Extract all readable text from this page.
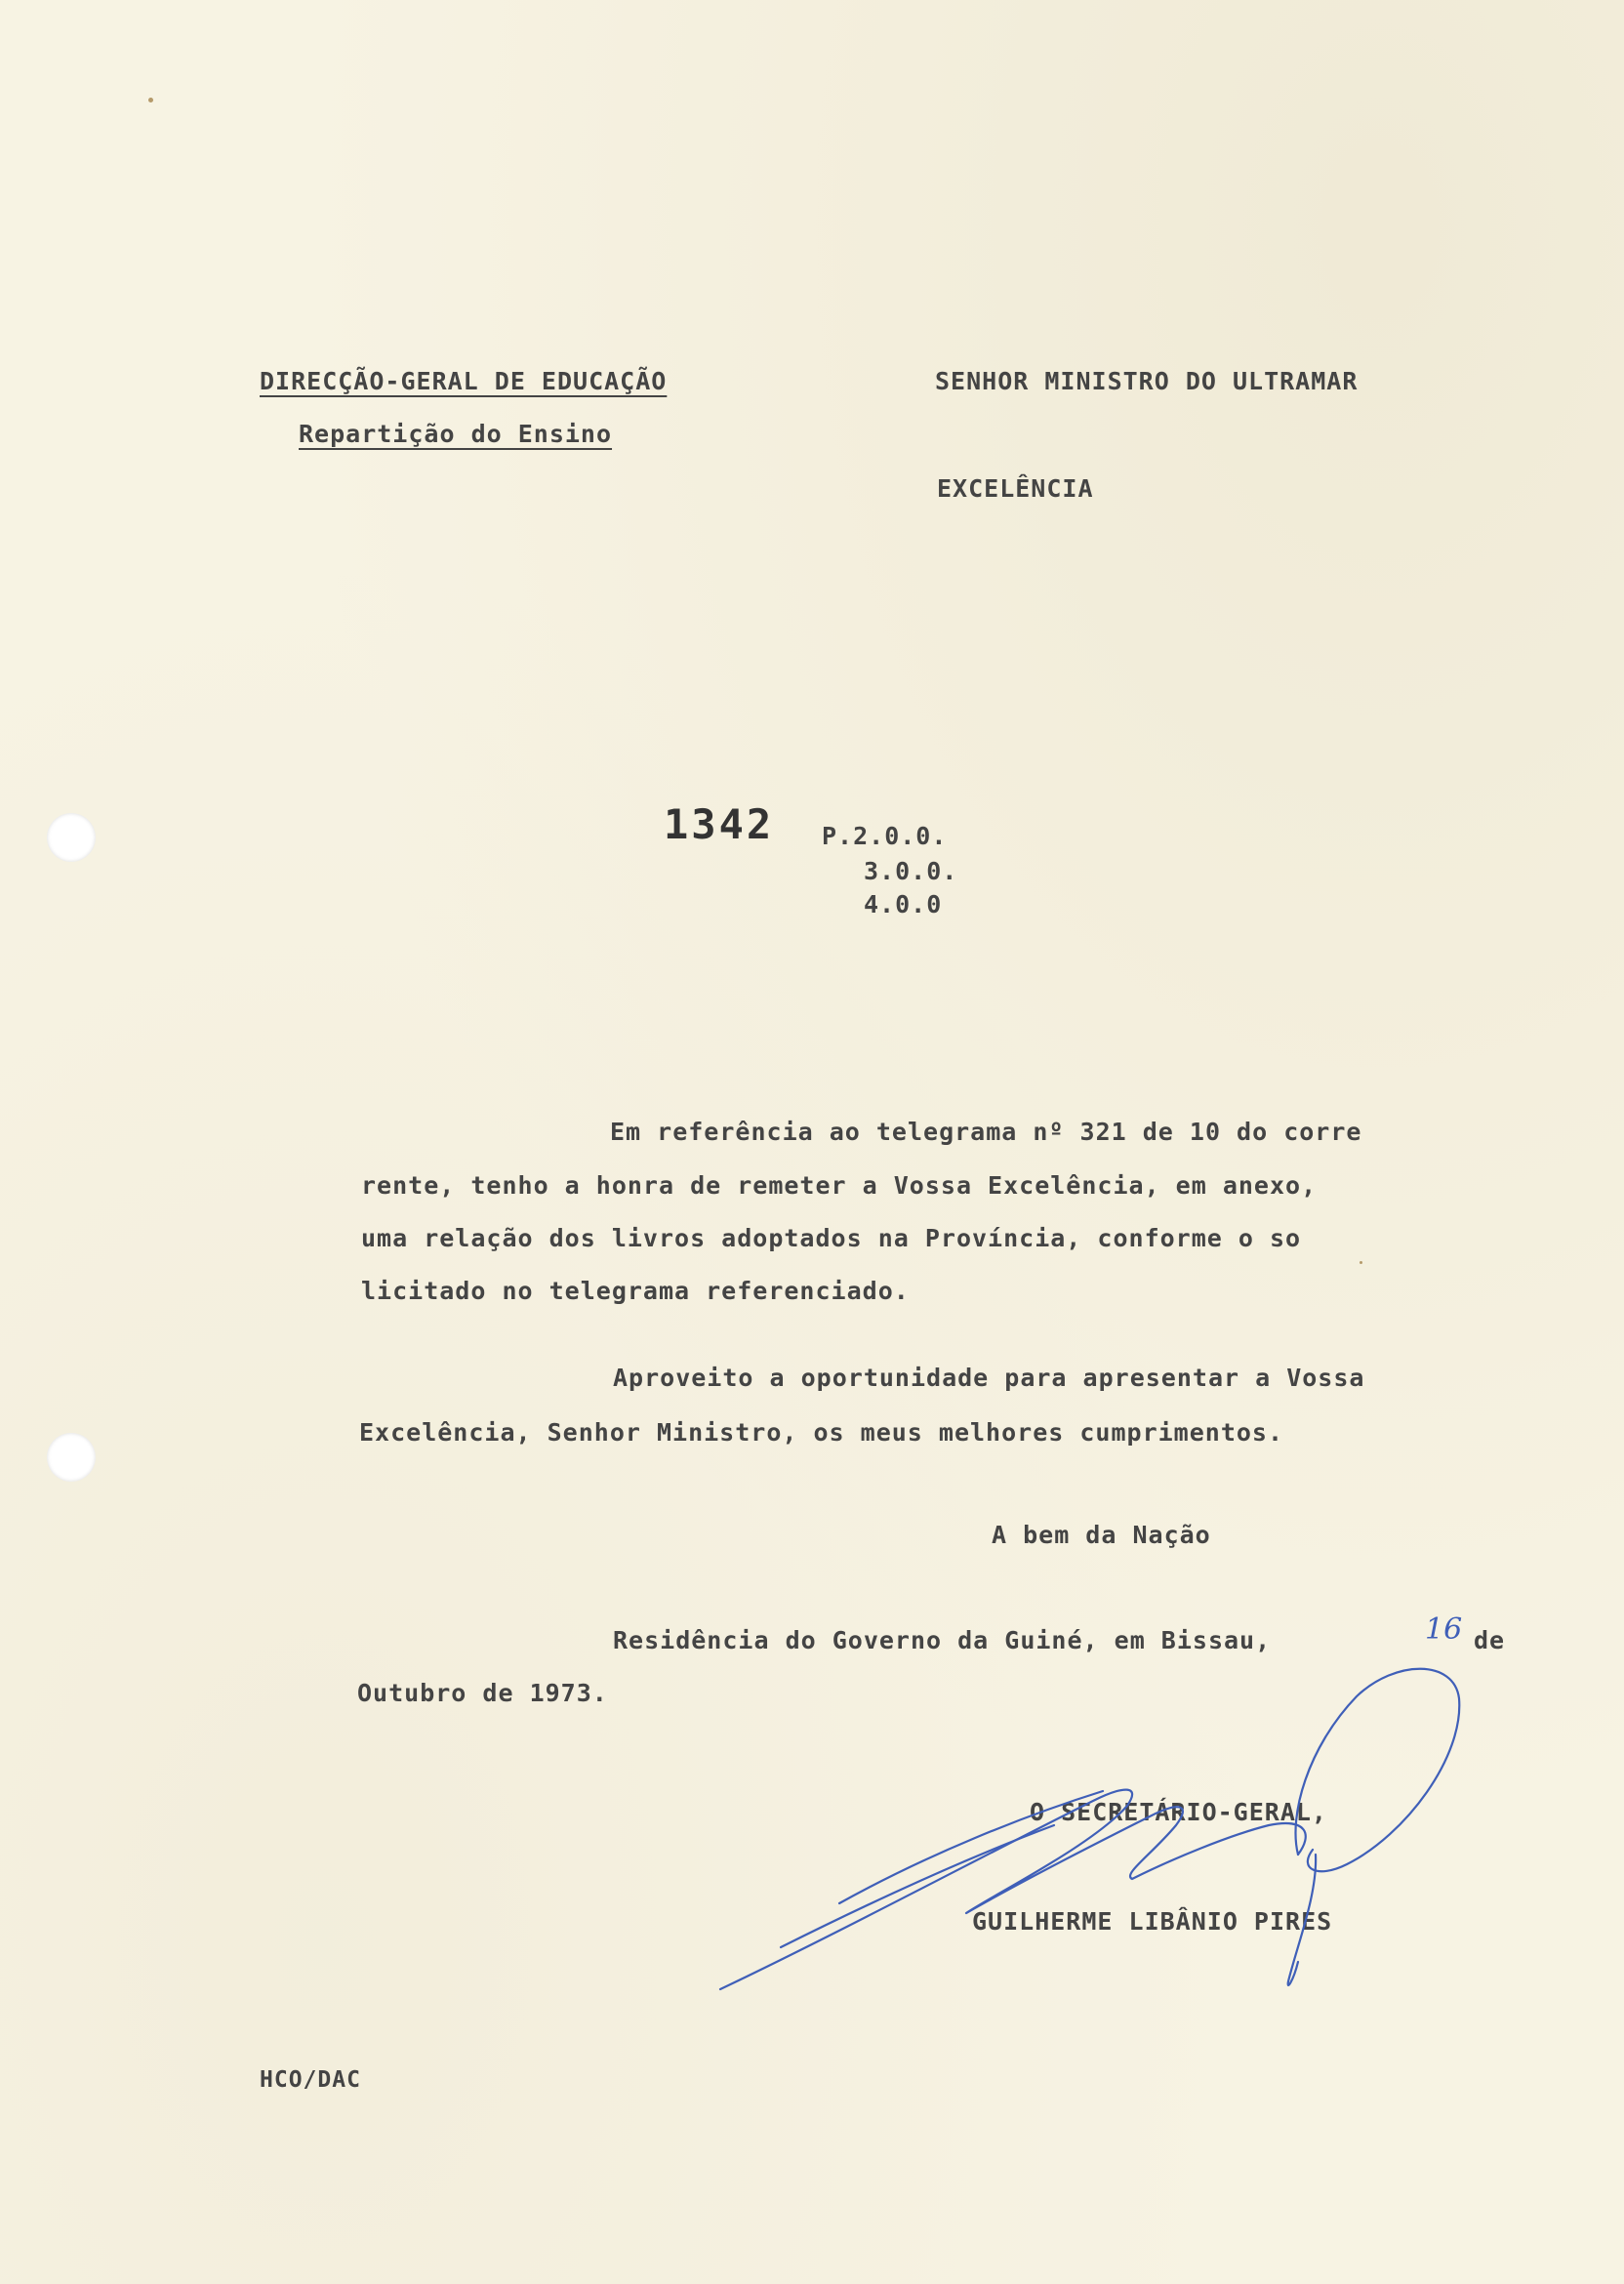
DIRECÇÃO-GERAL DE EDUCAÇÃO
Repartição do Ensino
SENHOR MINISTRO DO ULTRAMAR
EXCELÊNCIA
1342 P.2.0.0.
3.0.0.
4.0.0
Em referência ao telegrama nº 321 de 10 do corre
rente, tenho a honra de remeter a Vossa Excelência, em anexo,
uma relação dos livros adoptados na Província, conforme o so
licitado no telegrama referenciado.
Aproveito a oportunidade para apresentar a Vossa
Excelência, Senhor Ministro, os meus melhores cumprimentos.
A bem da Nação
Residência do Governo da Guiné, em Bissau,	16 de
Outubro de 1973.
O SECRETÁRIO-GERAL,
GUILHERME LIBÂNIO PIRES
HCO/DAC
